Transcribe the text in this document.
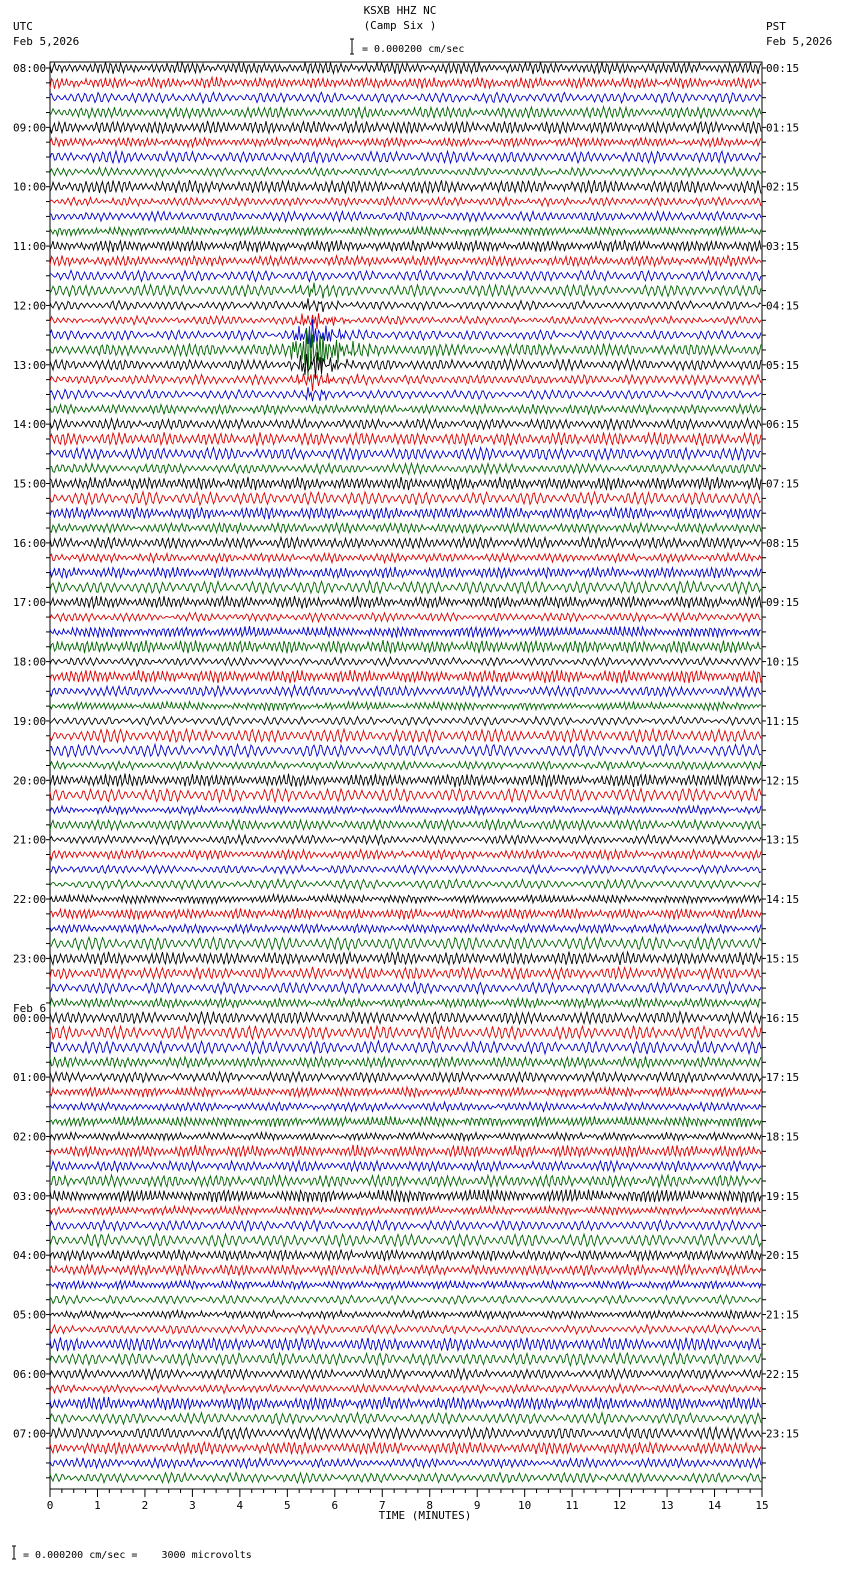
08:00
09:00
10:00
11:00
12:00
13:00
14:00
15:00
16:00
17:00
18:00
19:00
20:00
21:00
22:00
23:00
00:00
01:00
02:00
03:00
04:00
05:00
06:00
07:00
00:15
01:15
02:15
03:15
04:15
05:15
06:15
07:15
08:15
09:15
10:15
11:15
12:15
13:15
14:15
15:15
16:15
17:15
18:15
19:15
20:15
21:15
22:15
23:15
0	1	2	3	4	5	6	7	8	9	10	11	12	13	14	15
KSXB HHZ NC
(Camp Six )
UTC
Feb 5,2026
PST
Feb 5,2026
= 0.000200 cm/sec
= 0.000200 cm/sec =    3000 microvolts
TIME (MINUTES)
Feb 6
